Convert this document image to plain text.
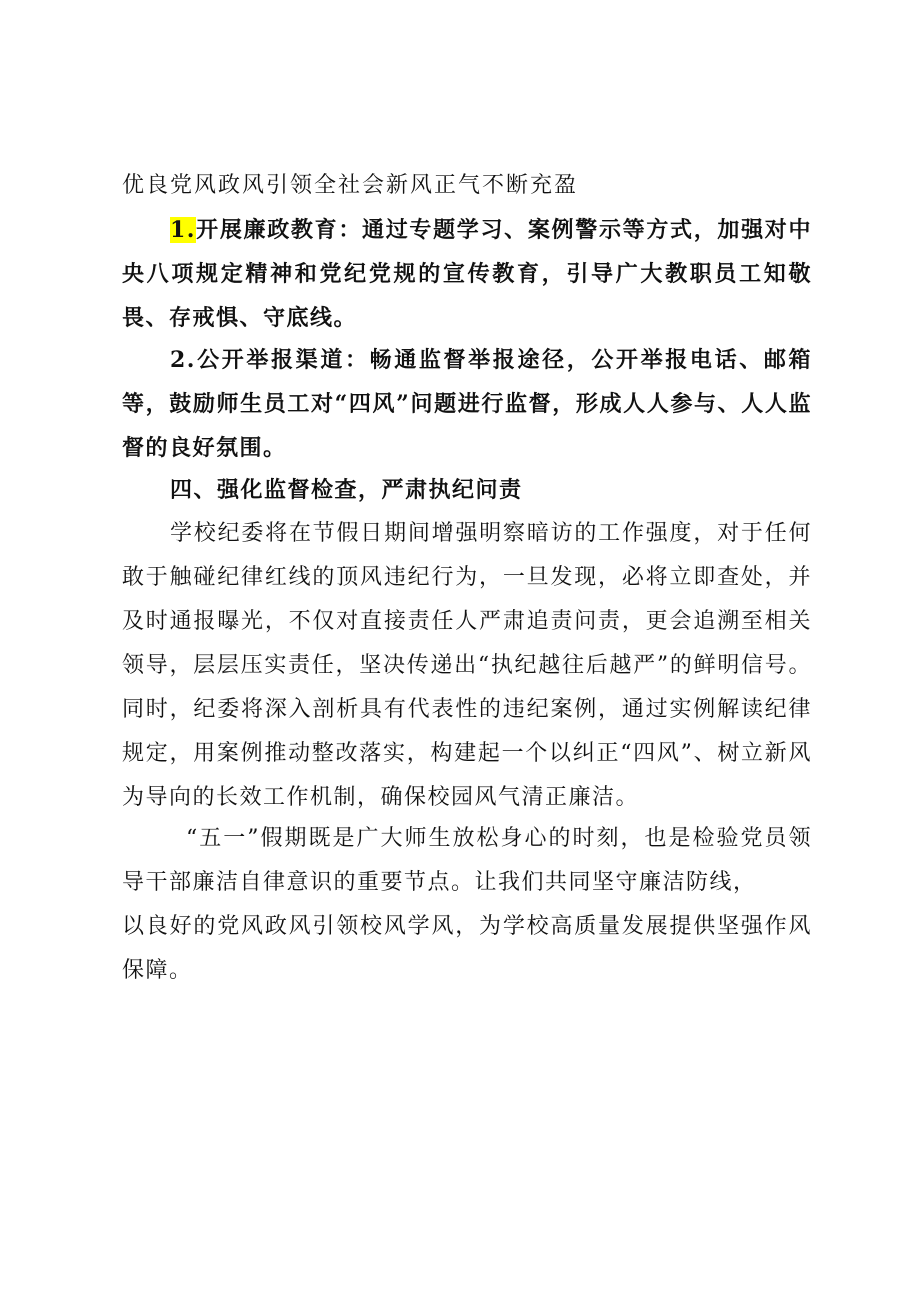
优良党风政风引领全社会新风正气不断充盈

1.开展廉政教育：通过专题学习、案例警示等方式，加强对中央八项规定精神和党纪党规的宣传教育，引导广大教职员工知敬畏、存戒惧、守底线。

2.公开举报渠道：畅通监督举报途径，公开举报电话、邮箱等，鼓励师生员工对“四风”问题进行监督，形成人人参与、人人监督的良好氛围。

四、强化监督检查，严肃执纪问责

学校纪委将在节假日期间增强明察暗访的工作强度，对于任何敢于触碰纪律红线的顶风违纪行为，一旦发现，必将立即查处，并及时通报曝光，不仅对直接责任人严肃追责问责，更会追溯至相关领导，层层压实责任，坚决传递出“执纪越往后越严”的鲜明信号。同时，纪委将深入剖析具有代表性的违纪案例，通过实例解读纪律规定，用案例推动整改落实，构建起一个以纠正“四风”、树立新风为导向的长效工作机制，确保校园风气清正廉洁。

“五一”假期既是广大师生放松身心的时刻，也是检验党员领导干部廉洁自律意识的重要节点。让我们共同坚守廉洁防线，
以良好的党风政风引领校风学风，为学校高质量发展提供坚强作风保障。
